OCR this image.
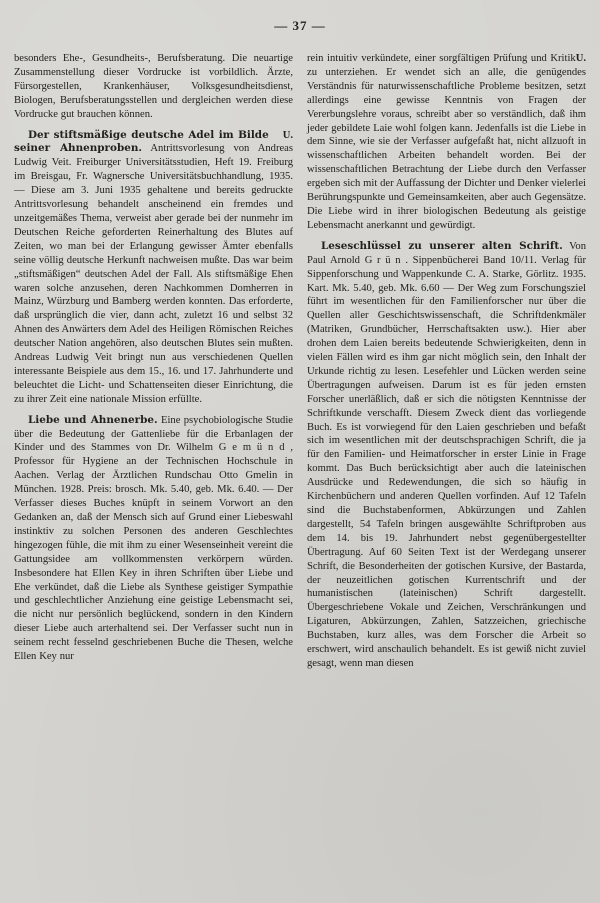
— 37 —

besonders Ehe-, Gesundheits-, Berufsberatung. Die neuartige Zusammenstellung dieser Vordrucke ist vorbildlich. Ärzte, Fürsorgestellen, Krankenhäuser, Volksgesundheitsdienst, Biologen, Berufsberatungsstellen und dergleichen werden diese Vordrucke gut brauchen können.

U.
Der stiftsmäßige deutsche Adel im Bilde seiner Ahnenproben. Antrittsvorlesung von Andreas Ludwig Veit. Freiburger Universitätsstudien, Heft 19. Freiburg im Breisgau, Fr. Wagnersche Universitätsbuchhandlung, 1935. — Diese am 3. Juni 1935 gehaltene und bereits gedruckte Antrittsvorlesung behandelt anscheinend ein fremdes und unzeitgemäßes Thema, verweist aber gerade bei der nunmehr im Deutschen Reiche geforderten Reinerhaltung des Blutes auf Zeiten, wo man bei der Erlangung gewisser Ämter ebenfalls seine völlig deutsche Herkunft nachweisen mußte. Das war beim „stiftsmäßigen“ deutschen Adel der Fall. Als stiftsmäßige Ehen waren solche anzusehen, deren Nachkommen Domherren in Mainz, Würzburg und Bamberg werden konnten. Das erforderte, daß ursprünglich die vier, dann acht, zuletzt 16 und selbst 32 Ahnen des Anwärters dem Adel des Heiligen Römischen Reiches deutscher Nation angehören, also deutschen Blutes sein mußten. Andreas Ludwig Veit bringt nun aus verschiedenen Quellen interessante Beispiele aus dem 15., 16. und 17. Jahrhunderte und beleuchtet die Licht- und Schattenseiten dieser Einrichtung, die zu ihrer Zeit eine nationale Mission erfüllte.

Liebe und Ahnenerbe. Eine psychobiologische Studie über die Bedeutung der Gattenliebe für die Erbanlagen der Kinder und des Stammes von Dr. Wilhelm G e m ü n d , Professor für Hygiene an der Technischen Hochschule in Aachen. Verlag der Ärztlichen Rundschau Otto Gmelin in München. 1928. Preis: brosch. Mk. 5.40, geb. Mk. 6.40. — Der Verfasser dieses Buches knüpft in seinem Vorwort an den Gedanken an, daß der Mensch sich auf Grund einer Liebeswahl instinktiv zu solchen Personen des anderen Geschlechtes hingezogen fühle, die mit ihm zu einer Wesenseinheit vereint die Gattungsidee am vollkommensten verkörpern würden. Insbesondere hat Ellen Key in ihren Schriften über Liebe und Ehe verkündet, daß die Liebe als Synthese geistiger Sympathie und geschlechtlicher Anziehung eine geistige Lebensmacht sei, die nicht nur persönlich beglückend, sondern in den Kindern dieser Liebe auch arterhaltend sei. Der Verfasser sucht nun in seinem recht fesselnd geschriebenen Buche die Thesen, welche Ellen Key nur

U.
rein intuitiv verkündete, einer sorgfältigen Prüfung und Kritik zu unterziehen. Er wendet sich an alle, die genügendes Verständnis für naturwissenschaftliche Probleme besitzen, setzt allerdings eine gewisse Kenntnis von Fragen der Vererbungslehre voraus, schreibt aber so verständlich, daß ihm jeder gebildete Laie wohl folgen kann. Jedenfalls ist die Liebe in dem Sinne, wie sie der Verfasser aufgefaßt hat, nicht allzuoft in wissenschaftlichen Arbeiten behandelt worden. Bei der wissenschaftlichen Betrachtung der Liebe durch den Verfasser ergeben sich mit der Auffassung der Dichter und Denker vielerlei Berührungspunkte und Gemeinsamkeiten, aber auch Gegensätze. Die Liebe wird in ihrer biologischen Bedeutung als geistige Lebensmacht anerkannt und gewürdigt.

Leseschlüssel zu unserer alten Schrift. Von Paul Arnold G r ü n . Sippenbücherei Band 10/11. Verlag für Sippenforschung und Wappenkunde C. A. Starke, Görlitz. 1935. Kart. Mk. 5.40, geb. Mk. 6.60 — Der Weg zum Forschungsziel führt im wesentlichen für den Familienforscher nur über die Quellen aller Geschichtswissenschaft, die Schriftdenkmäler (Matriken, Grundbücher, Herrschaftsakten usw.). Hier aber drohen dem Laien bereits bedeutende Schwierigkeiten, denn in vielen Fällen wird es ihm gar nicht möglich sein, den Inhalt der Urkunde richtig zu lesen. Lesefehler und Lücken werden seine Übertragungen aufweisen. Darum ist es für jeden ernsten Forscher unerläßlich, daß er sich die nötigsten Kenntnisse der Schriftkunde verschafft. Diesem Zweck dient das vorliegende Buch. Es ist vorwiegend für den Laien geschrieben und befaßt sich im wesentlichen mit der deutschsprachigen Schrift, die ja für den Familien- und Heimatforscher in erster Linie in Frage kommt. Das Buch berücksichtigt aber auch die lateinischen Ausdrücke und Redewendungen, die sich so häufig in Kirchenbüchern und anderen Quellen vorfinden. Auf 12 Tafeln sind die Buchstabenformen, Abkürzungen und Zahlen dargestellt, 54 Tafeln bringen ausgewählte Schriftproben aus dem 14. bis 19. Jahrhundert nebst gegenübergestellter Übertragung. Auf 60 Seiten Text ist der Werdegang unserer Schrift, die Besonderheiten der gotischen Kursive, der Bastarda, der neuzeitlichen gotischen Kurrentschrift und der humanistischen (lateinischen) Schrift dargestellt. Übergeschriebene Vokale und Zeichen, Verschränkungen und Ligaturen, Abkürzungen, Zahlen, Satzzeichen, griechische Buchstaben, kurz alles, was dem Forscher die Arbeit so erschwert, wird anschaulich behandelt. Es ist gewiß nicht zuviel gesagt, wenn man diesen
